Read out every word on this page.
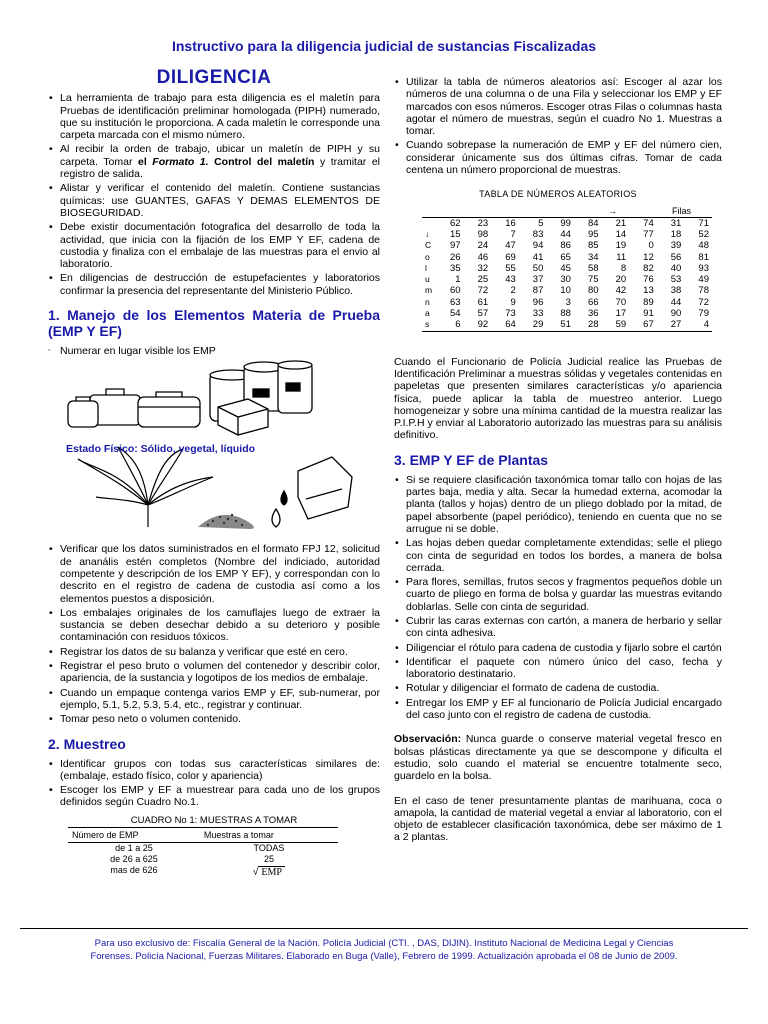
Instructivo para la diligencia judicial de sustancias Fiscalizadas
DILIGENCIA
• La herramienta de trabajo para esta diligencia es el maletín para Pruebas de identificación preliminar homologada (PIPH) numerado, que su institución le proporciona. A cada maletín le corresponde una carpeta marcada con el mismo número.
• Al recibir la orden de trabajo, ubicar un maletín de PIPH y su carpeta. Tomar el Formato 1. Control del maletín y tramitar el registro de salida.
• Alistar y verificar el contenido del maletín. Contiene sustancias químicas: use GUANTES, GAFAS Y DEMAS ELEMENTOS DE BIOSEGURIDAD.
• Debe existir documentación fotografica del desarrollo de toda la actividad, que inicia con la fijación de los EMP Y EF, cadena de custodia y finaliza con el embalaje de las muestras para el envio al laboratorio.
• En diligencias de destrucción de estupefacientes y laboratorios confirmar la presencia del representante del Ministerio Público.
1. Manejo de los Elementos Materia de Prueba (EMP Y EF)
◦ Numerar en lugar visible los EMP
Estado Físico: Sólido, vegetal, líquido
• Verificar que los datos suministrados en el formato FPJ 12, solicitud de ananális estén completos (Nombre del indiciado, autoridad competente y descripción de los EMP Y EF), y correspondan con lo descrito en el registro de cadena de custodia así como a los elementos puestos a disposición.
• Los embalajes originales de los camuflajes luego de extraer la sustancia se deben desechar debido a su deterioro y posible contaminación con residuos tóxicos.
• Registrar los datos de su balanza y verificar que esté en cero.
• Registrar el peso bruto o volumen del contenedor y describir color, apariencia, de la sustancia y logotipos de los medios de embalaje.
• Cuando un empaque contenga varios EMP y EF, sub-numerar, por ejemplo, 5.1, 5.2, 5.3, 5.4, etc., registrar y continuar.
• Tomar peso neto o volumen contenido.
2. Muestreo
• Identificar grupos con todas sus características similares de: (embalaje, estado físico, color y apariencia)
• Escoger los EMP y EF a muestrear para cada uno de los grupos definidos según Cuadro No.1.
CUADRO No 1: MUESTRAS A TOMAR
Número de EMP	Muestras a tomar
de 1 a 25	TODAS
de 26 a 625	25
mas de 626	√ EMP
• Utilizar la tabla de números aleatorios así: Escoger al azar los números de una columna o de una Fila y seleccionar los EMP y EF marcados con esos números. Escoger otras Filas o columnas hasta agotar el número de muestras, según el cuadro No 1. Muestras a tomar.
• Cuando sobrepase la numeración de EMP y EF del número cien, considerar únicamente sus dos últimas cifras. Tomar de cada centena un número proporcional de muestras.
TABLA DE NÚMEROS ALEATORIOS
→	Filas
	62	23	16	5	99	84	21	74	31	71
↓	15	98	7	83	44	95	14	77	18	52
C	97	24	47	94	86	85	19	0	39	48
o	26	46	69	41	65	34	11	12	56	81
l	35	32	55	50	45	58	8	82	40	93
u	1	25	43	37	30	75	20	76	53	49
m	60	72	2	87	10	80	42	13	38	78
n	63	61	9	96	3	66	70	89	44	72
a	54	57	73	33	88	36	17	91	90	79
s	6	92	64	29	51	28	59	67	27	4

Cuando el Funcionario de Policía Judicial realice las Pruebas de Identificación Preliminar a muestras sólidas y vegetales contenidas en papeletas que presenten similares características y/o apariencia física, puede aplicar la tabla de muestreo anterior. Luego homogeneizar y sobre una mínima cantidad de la muestra realizar las P.I.P.H y enviar al Laboratorio autorizado las muestras para su análisis definitivo.

3. EMP Y EF de Plantas
• Si se requiere clasificación taxonómica tomar tallo con hojas de las partes baja, media y alta. Secar la humedad externa, acomodar la planta (tallos y hojas) dentro de un pliego doblado por la mitad, de papel absorbente (papel periódico), teniendo en cuenta que no se arrugue ni se doble.
• Las hojas deben quedar completamente extendidas; selle el pliego con cinta de seguridad en todos los bordes, a manera de bolsa cerrada.
• Para flores, semillas, frutos secos y fragmentos pequeños doble un cuarto de pliego en forma de bolsa y guardar las muestras evitando doblarlas. Selle con cinta de seguridad.
• Cubrir las caras externas con cartón, a manera de herbario y sellar con cinta adhesiva.
• Diligenciar el rótulo para cadena de custodia y fijarlo sobre el cartón
• Identificar el paquete con número único del caso, fecha y laboratorio destinatario.
• Rotular y diligenciar el formato de cadena de custodia.
• Entregar los EMP y EF al funcionario de Policía Judicial encargado del caso junto con el registro de cadena de custodia.

Observación: Nunca guarde o conserve material vegetal fresco en bolsas plásticas directamente ya que se descompone y dificulta el estudio, solo cuando el material se encuentre totalmente seco, guardelo en la bolsa.

En el caso de tener presuntamente plantas de marihuana, coca o amapola, la cantidad de material vegetal a enviar al laboratorio, con el objeto de establecer clasificación taxonómica, debe ser máximo de 1 a 2 plantas.

Para uso exclusivo de: Fiscalía General de la Nación. Policía Judicial (CTI. , DAS, DIJIN). Instituto Nacional de Medicina Legal y Ciencias
Forenses. Policía Nacional, Fuerzas Militares. Elaborado en Buga (Valle), Febrero de 1999. Actualización aprobada el 08 de Junio de 2009.
